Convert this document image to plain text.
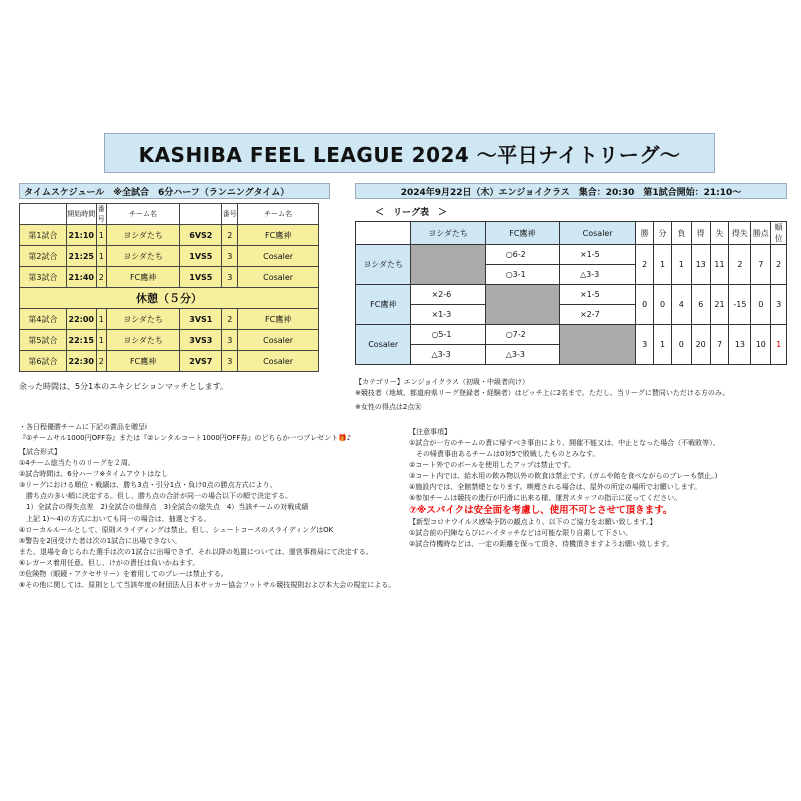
KASHIBA FEEL LEAGUE 2024 ～平日ナイトリーグ～
タイムスケジュール　※全試合　6分ハーフ（ランニングタイム）	2024年9月22日（木）エンジョイクラス　集合：20:30　第1試合開始：21:10～
	開始時間	番号	チーム名		番号	チーム名
第1試合	21:10	1	ヨシダたち	6VS2	2	FC鷹神
第2試合	21:25	1	ヨシダたち	1VS5	3	Cosaler
第3試合	21:40	2	FC鷹神	1VS5	3	Cosaler
休憩（５分）						
第4試合	22:00	1	ヨシダたち	3VS1	2	FC鷹神
第5試合	22:15	1	ヨシダたち	3VS3	3	Cosaler
第6試合	22:30	2	FC鷹神	2VS7	3	Cosaler
余った時間は、5分1本のエキシビションマッチとします。
＜　リーグ表　＞
	ヨシダたち	FC鷹神	Cosaler	勝	分	負	得	失	得失	勝点	順位
ヨシダたち		○6-2	×1-5	2	1	1	13	11	2	7	2
		○3-1	△3-3								
FC鷹神	×2-6		×1-5	0	0	4	6	21	-15	0	3
	×1-3		×2-7								
Cosaler	○5-1	○7-2		3	1	0	20	7	13	10	1
	△3-3	△3-3									
【カテゴリー】エンジョイクラス（初級・中級者向け）
※競技者（地域、都道府県リーグ登録者・経験者）はピッチ上に2名まで。ただし、当リーグに賛同いただける方のみ。
※女性の得点は2点㊛
・各日程優勝チームに下記の賞品を贈呈ⅰ
『①チームサル1000円OFF券』または『②レンタルコート1000円OFF券』のどちらか一つプレゼント🎁♪
【試合形式】
①4チーム総当たりのリーグを２周。
②試合時間は、6分ハーフ※タイムアウトはなし
③リーグにおける順位・戦績は、勝ち3点・引分1点・負け0点の勝点方式により、
　勝ち点の多い順に決定する。但し、勝ち点の合計が同一の場合以下の順で決定する。
　1）全試合の得失点差　2)全試合の総得点　3)全試合の総失点　4）当該チームの対戦成績
　上記 1)～4)の方式においても同一の場合は、抽選とする。
④ローカルルールとして、原則スライディングは禁止。但し、シュートコースのスライディングはOK
⑤警告を2回受けた者は次の1試合に出場できない。
また、退場を命じられた選手は次の1試合に出場できず、それ以降の処置については、運営事務局にて決定する。
⑥レガース着用任意。但し、けがの責任は負いかねます。
⑦危険物（眼鏡・アクセサリー）を着用してのプレーは禁止する。
⑧その他に関しては、原則として当該年度の財団法人日本サッカー協会フットサル競技規則および本大会の規定による。
【注意事項】
①試合が一方のチームの責に帰すべき事由により、開催不能又は、中止となった場合（不戦敗等）、
　その帰責事由あるチームは0対5で敗戦したものとみなす。
②コート外でのボールを使用したアップは禁止です。
③コート内では、給水用の飲み物以外の飲食は禁止です。(ガムや飴を食べながらのプレーも禁止。)
④施設内では、全館禁煙となります。喫煙される場合は、屋外の所定の場所でお願いします。
⑤参加チームは競技の進行が円滑に出来る様、運営スタッフの指示に従ってください。
⑦※スパイクは安全面を考慮し、使用不可とさせて頂きます。
【新型コロナウイルス感染予防の観点より、以下のご協力をお願い致します。】
①試合前の円陣ならびにハイタッチなどは可能な限り自粛して下さい。
②試合待機時などは、一定の距離を保って頂き、待機頂きますようお願い致します。
